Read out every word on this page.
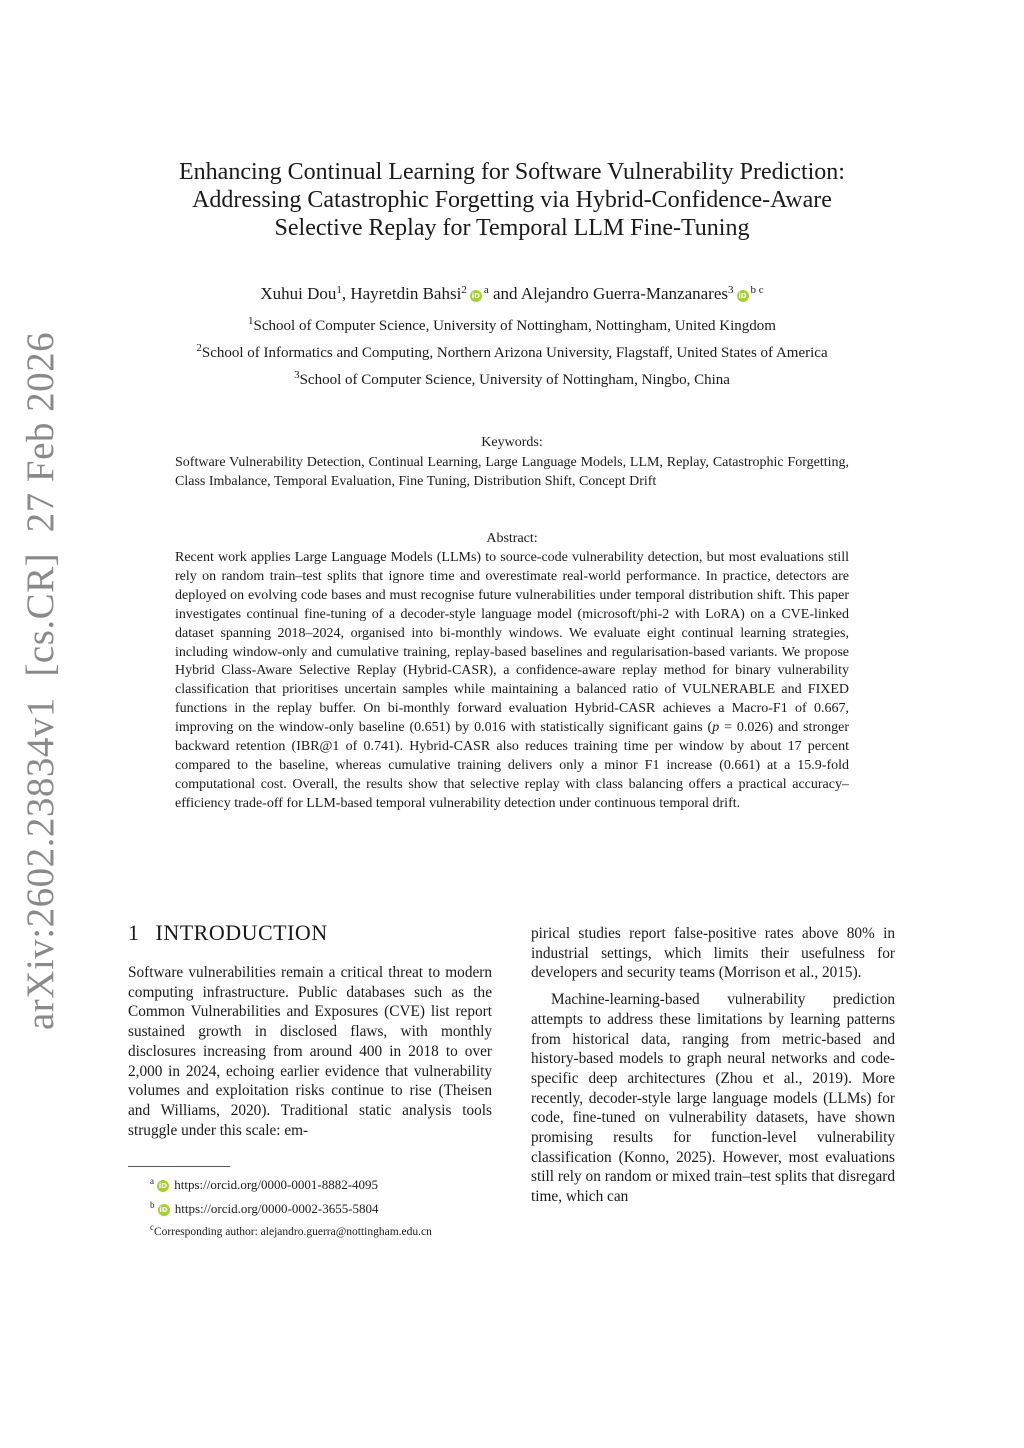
arXiv:2602.23834v1  [cs.CR]  27 Feb 2026
Enhancing Continual Learning for Software Vulnerability Prediction:
Addressing Catastrophic Forgetting via Hybrid-Confidence-Aware
Selective Replay for Temporal LLM Fine-Tuning
Xuhui Dou$^1$, Hayretdin Bahsi$^2$ iD $^a$ and Alejandro Guerra-Manzanares$^3$ iD $^{b c}$
$^1$School of Computer Science, University of Nottingham, Nottingham, United Kingdom
$^2$School of Informatics and Computing, Northern Arizona University, Flagstaff, United States of America
$^3$School of Computer Science, University of Nottingham, Ningbo, China
Keywords:
Software Vulnerability Detection, Continual Learning, Large Language Models, LLM, Replay, Catastrophic Forgetting, Class Imbalance, Temporal Evaluation, Fine Tuning, Distribution Shift, Concept Drift
Abstract:
Recent work applies Large Language Models (LLMs) to source-code vulnerability detection, but most evaluations still rely on random train–test splits that ignore time and overestimate real-world performance. In practice, detectors are deployed on evolving code bases and must recognise future vulnerabilities under temporal distribution shift. This paper investigates continual fine-tuning of a decoder-style language model (microsoft/phi-2 with LoRA) on a CVE-linked dataset spanning 2018–2024, organised into bi-monthly windows. We evaluate eight continual learning strategies, including window-only and cumulative training, replay-based baselines and regularisation-based variants. We propose Hybrid Class-Aware Selective Replay (Hybrid-CASR), a confidence-aware replay method for binary vulnerability classification that prioritises uncertain samples while maintaining a balanced ratio of VULNERABLE and FIXED functions in the replay buffer. On bi-monthly forward evaluation Hybrid-CASR achieves a Macro-F1 of 0.667, improving on the window-only baseline (0.651) by 0.016 with statistically significant gains (p = 0.026) and stronger backward retention (IBR@1 of 0.741). Hybrid-CASR also reduces training time per window by about 17 percent compared to the baseline, whereas cumulative training delivers only a minor F1 increase (0.661) at a 15.9-fold computational cost. Overall, the results show that selective replay with class balancing offers a practical accuracy–efficiency trade-off for LLM-based temporal vulnerability detection under continuous temporal drift.
1 INTRODUCTION

Software vulnerabilities remain a critical threat to modern computing infrastructure. Public databases such as the Common Vulnerabilities and Exposures (CVE) list report sustained growth in disclosed flaws, with monthly disclosures increasing from around 400 in 2018 to over 2,000 in 2024, echoing earlier evidence that vulnerability volumes and exploitation risks continue to rise (Theisen and Williams, 2020). Traditional static analysis tools struggle under this scale: em-

pirical studies report false-positive rates above 80% in industrial settings, which limits their usefulness for developers and security teams (Morrison et al., 2015).

Machine-learning-based vulnerability prediction attempts to address these limitations by learning patterns from historical data, ranging from metric-based and history-based models to graph neural networks and code-specific deep architectures (Zhou et al., 2019). More recently, decoder-style large language models (LLMs) for code, fine-tuned on vulnerability datasets, have shown promising results for function-level vulnerability classification (Konno, 2025). However, most evaluations still rely on random or mixed train–test splits that disregard time, which can

$^a$ iD https://orcid.org/0000-0001-8882-4095
$^b$ iD https://orcid.org/0000-0002-3655-5804
$^c$Corresponding author: alejandro.guerra@nottingham.edu.cn
